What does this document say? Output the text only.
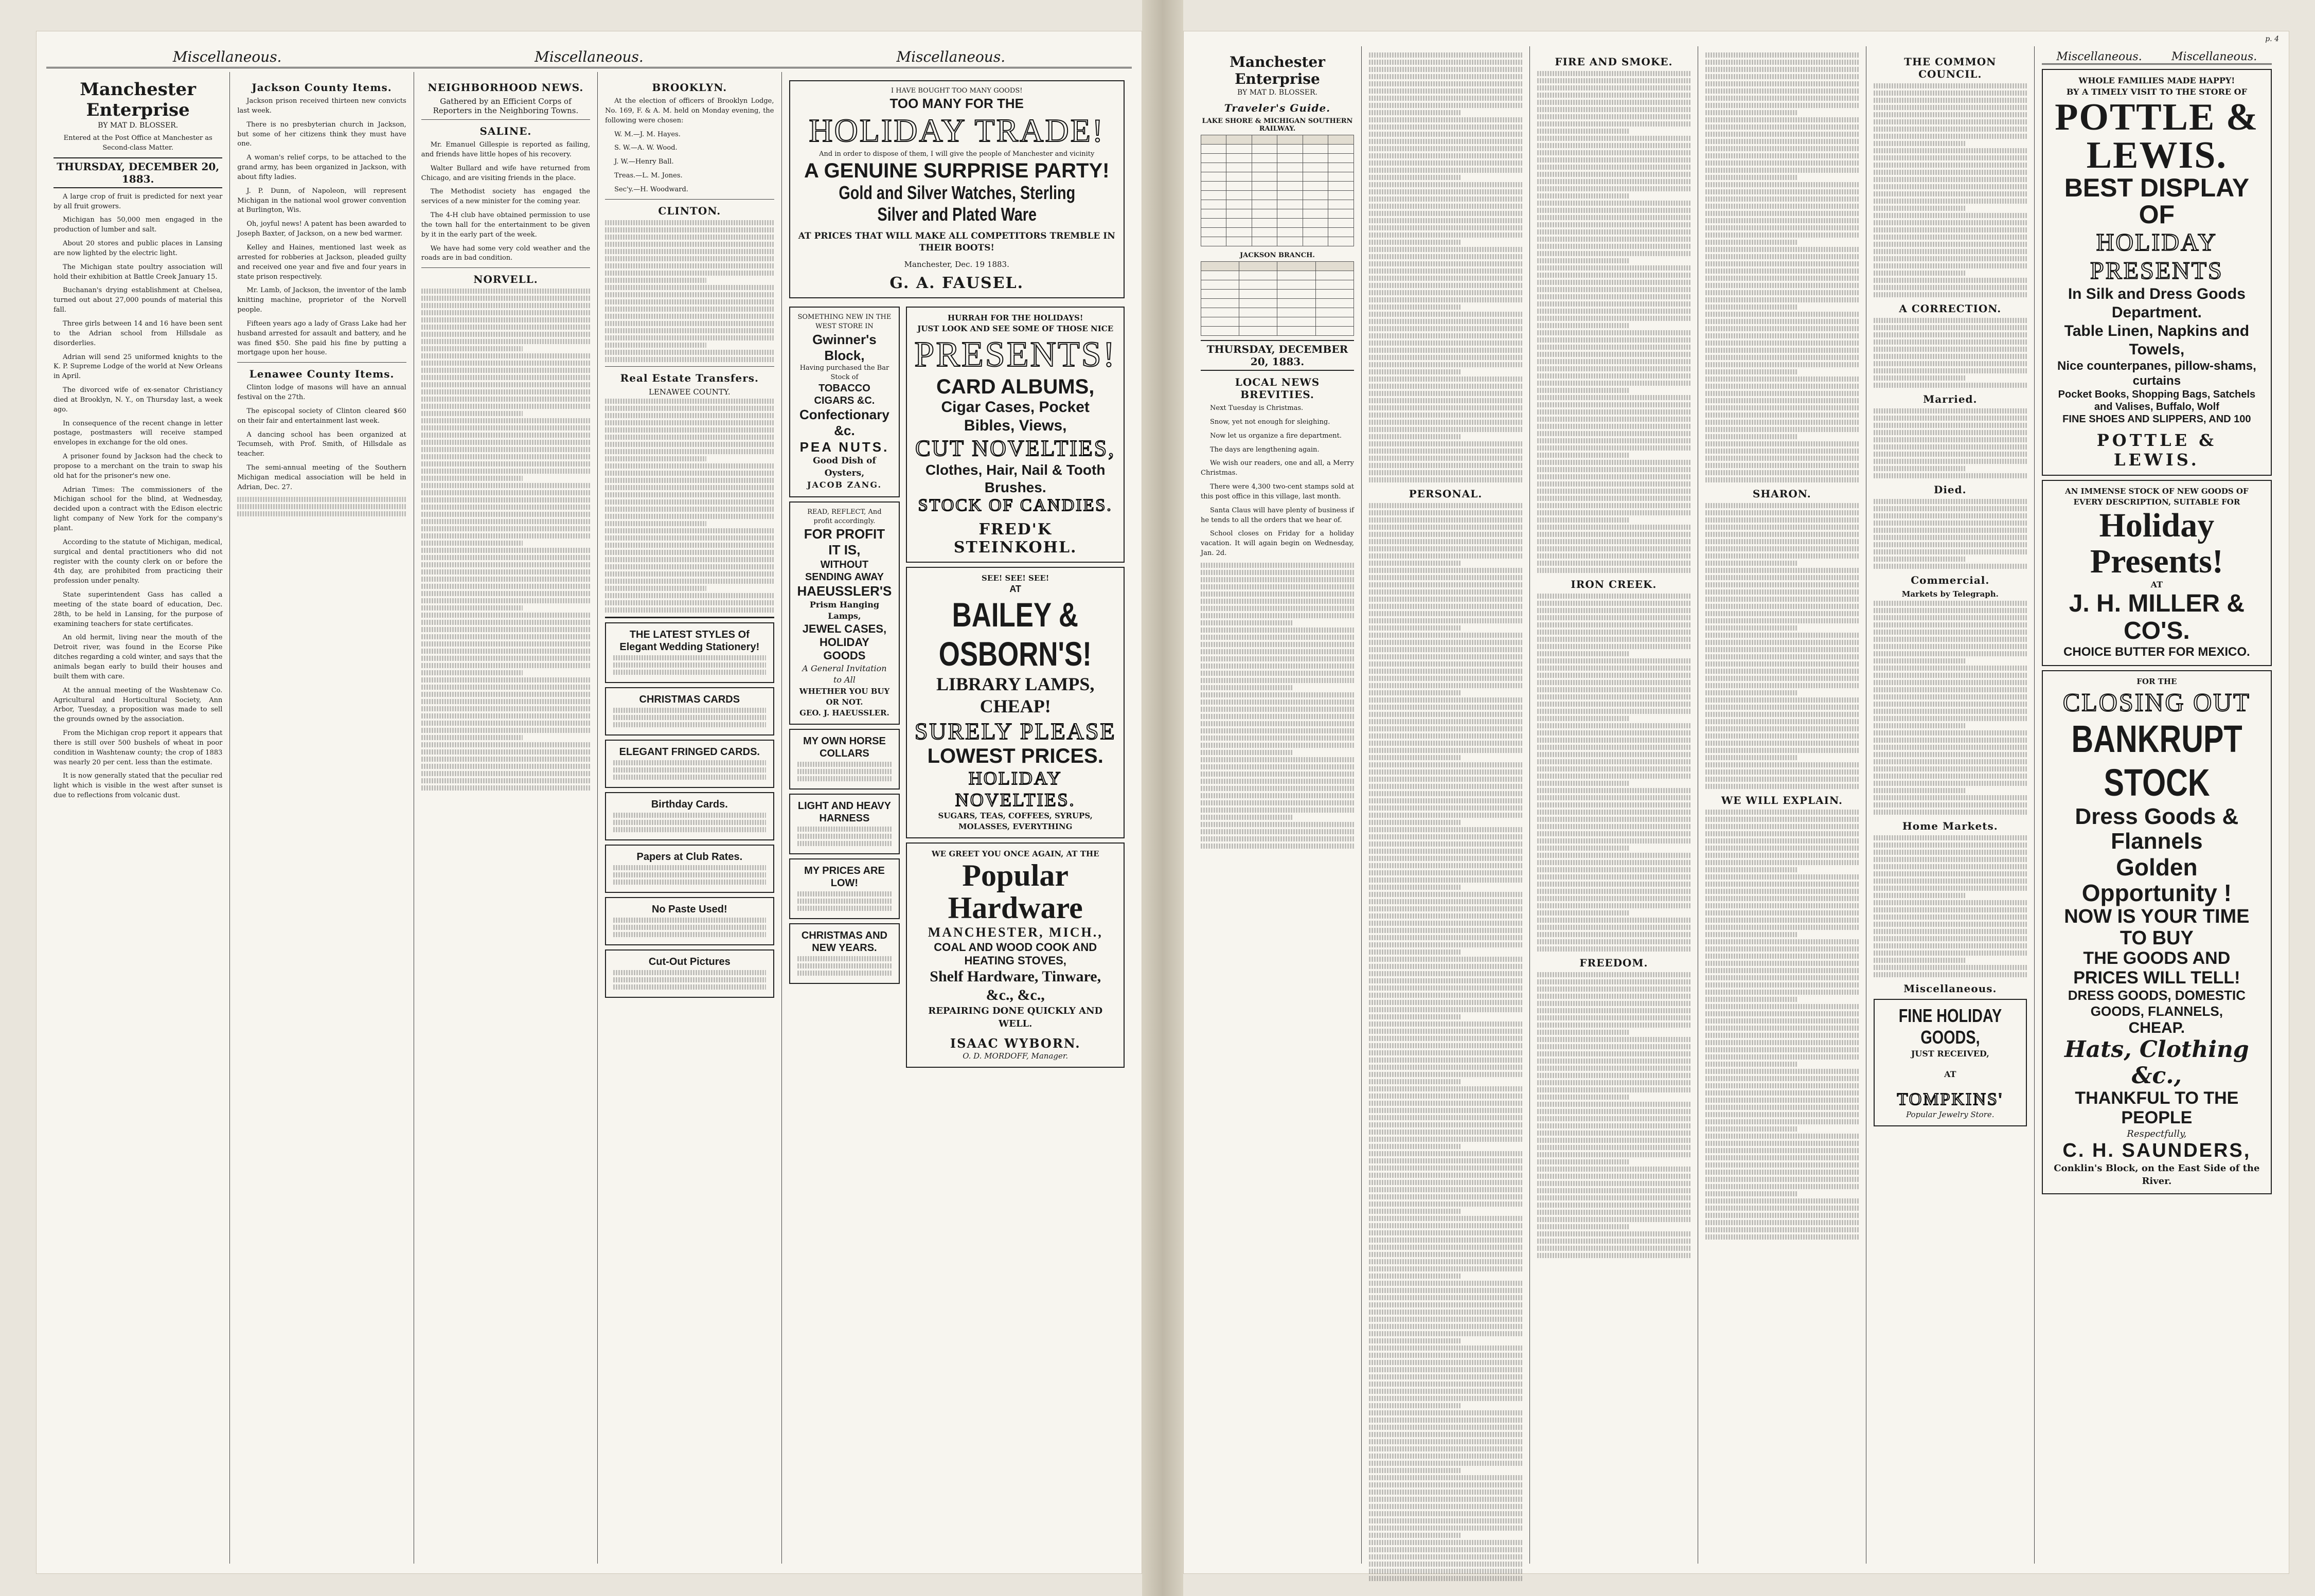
Miscellaneous.	Miscellaneous.	Miscellaneous.
Manchester Enterprise
BY MAT D. BLOSSER.

Entered at the Post Office at Manchester as Second-class Matter.

THURSDAY, DECEMBER 20, 1883.

A large crop of fruit is predicted for next year by all fruit growers.

Michigan has 50,000 men engaged in the production of lumber and salt.

About 20 stores and public places in Lansing are now lighted by the electric light.

The Michigan state poultry association will hold their exhibition at Battle Creek January 15.

Buchanan's drying establishment at Chelsea, turned out about 27,000 pounds of material this fall.

Three girls between 14 and 16 have been sent to the Adrian school from Hillsdale as disorderlies.

Adrian will send 25 uniformed knights to the K. P. Supreme Lodge of the world at New Orleans in April.

The divorced wife of ex-senator Christiancy died at Brooklyn, N. Y., on Thursday last, a week ago.

In consequence of the recent change in letter postage, postmasters will receive stamped envelopes in exchange for the old ones.

A prisoner found by Jackson had the check to propose to a merchant on the train to swap his old hat for the prisoner's new one.

Adrian Times: The commissioners of the Michigan school for the blind, at Wednesday, decided upon a contract with the Edison electric light company of New York for the company's plant.

According to the statute of Michigan, medical, surgical and dental practitioners who did not register with the county clerk on or before the 4th day, are prohibited from practicing their profession under penalty.

State superintendent Gass has called a meeting of the state board of education, Dec. 28th, to be held in Lansing, for the purpose of examining teachers for state certificates.

An old hermit, living near the mouth of the Detroit river, was found in the Ecorse Pike ditches regarding a cold winter, and says that the animals began early to build their houses and built them with care.

At the annual meeting of the Washtenaw Co. Agricultural and Horticultural Society, Ann Arbor, Tuesday, a proposition was made to sell the grounds owned by the association.

From the Michigan crop report it appears that there is still over 500 bushels of wheat in poor condition in Washtenaw county; the crop of 1883 was nearly 20 per cent. less than the estimate.

It is now generally stated that the peculiar red light which is visible in the west after sunset is due to reflections from volcanic dust.

Jackson County Items.

Jackson prison received thirteen new convicts last week.

There is no presbyterian church in Jackson, but some of her citizens think they must have one.

A woman's relief corps, to be attached to the grand army, has been organized in Jackson, with about fifty ladies.

J. P. Dunn, of Napoleon, will represent Michigan in the national wool grower convention at Burlington, Wis.

Oh, joyful news! A patent has been awarded to Joseph Baxter, of Jackson, on a new bed warmer.

Kelley and Haines, mentioned last week as arrested for robberies at Jackson, pleaded guilty and received one year and five and four years in state prison respectively.

Mr. Lamb, of Jackson, the inventor of the lamb knitting machine, proprietor of the Norvell people.

Fifteen years ago a lady of Grass Lake had her husband arrested for assault and battery, and he was fined $50. She paid his fine by putting a mortgage upon her house.

Lenawee County Items.

Clinton lodge of masons will have an annual festival on the 27th.

The episcopal society of Clinton cleared $60 on their fair and entertainment last week.

A dancing school has been organized at Tecumseh, with Prof. Smith, of Hillsdale as teacher.

The semi-annual meeting of the Southern Michigan medical association will be held in Adrian, Dec. 27.

NEIGHBORHOOD NEWS.
Gathered by an Efficient Corps of Reporters in the Neighboring Towns.
SALINE.

Mr. Emanuel Gillespie is reported as failing, and friends have little hopes of his recovery.

Walter Bullard and wife have returned from Chicago, and are visiting friends in the place.

The Methodist society has engaged the services of a new minister for the coming year.

The 4-H club have obtained permission to use the town hall for the entertainment to be given by it in the early part of the week.

We have had some very cold weather and the roads are in bad condition.

NORVELL.
BROOKLYN.

At the election of officers of Brooklyn Lodge, No. 169, F. & A. M. held on Monday evening, the following were chosen:

W. M.—J. M. Hayes.

S. W.—A. W. Wood.

J. W.—Henry Ball.

Treas.—L. M. Jones.

Sec'y.—H. Woodward.

CLINTON.
Real Estate Transfers.
LENAWEE COUNTY.
THE LATEST STYLES Of Elegant Wedding Stationery!
CHRISTMAS CARDS
ELEGANT FRINGED CARDS.
Birthday Cards.
Papers at Club Rates.
No Paste Used!
Cut-Out Pictures
I HAVE BOUGHT TOO MANY GOODS!
TOO MANY FOR THE
HOLIDAY TRADE!
And in order to dispose of them, I will give the people of Manchester and vicinity
A GENUINE SURPRISE PARTY!
Gold and Silver Watches, Sterling Silver and Plated Ware
AT PRICES THAT WILL MAKE ALL COMPETITORS TREMBLE IN THEIR BOOTS!
Manchester, Dec. 19 1883.
G. A. FAUSEL.
SOMETHING NEW IN THE WEST STORE IN
Gwinner's Block,
Having purchased the Bar Stock of
TOBACCO CIGARS &C.
Confectionary &c.
PEA NUTS.
Good Dish of Oysters,
JACOB ZANG.
READ, REFLECT, And profit accordingly.
FOR PROFIT IT IS,
WITHOUT SENDING AWAY
HAEUSSLER'S
Prism Hanging Lamps,
JEWEL CASES,
HOLIDAY GOODS
A General Invitation to All
WHETHER YOU BUY OR NOT.
GEO. J. HAEUSSLER.
MY OWN HORSE COLLARS
LIGHT AND HEAVY HARNESS
MY PRICES ARE LOW!
CHRISTMAS AND NEW YEARS.
HURRAH FOR THE HOLIDAYS!
JUST LOOK AND SEE SOME OF THOSE NICE
PRESENTS!
CARD ALBUMS,
Cigar Cases, Pocket Bibles, Views,
CUT NOVELTIES,
Clothes, Hair, Nail & Tooth Brushes.
STOCK OF CANDIES.
FRED'K STEINKOHL.
SEE! SEE! SEE!
AT
BAILEY & OSBORN'S!
LIBRARY LAMPS, CHEAP!
SURELY PLEASE
LOWEST PRICES.
HOLIDAY NOVELTIES.
SUGARS, TEAS, COFFEES, SYRUPS, MOLASSES, EVERYTHING
WE GREET YOU ONCE AGAIN, AT THE
Popular Hardware
MANCHESTER, MICH.,
COAL AND WOOD COOK AND HEATING STOVES,
Shelf Hardware, Tinware, &c., &c.,
REPAIRING DONE QUICKLY AND WELL.
ISAAC WYBORN.
O. D. MORDOFF, Manager.
p. 4
Manchester Enterprise
BY MAT D. BLOSSER.
Traveler's Guide.
LAKE SHORE & MICHIGAN SOUTHERN RAILWAY.

JACKSON BRANCH.

THURSDAY, DECEMBER 20, 1883.
LOCAL NEWS BREVITIES.

Next Tuesday is Christmas.

Snow, yet not enough for sleighing.

Now let us organize a fire department.

The days are lengthening again.

We wish our readers, one and all, a Merry Christmas.

There were 4,300 two-cent stamps sold at this post office in this village, last month.

Santa Claus will have plenty of business if he tends to all the orders that we hear of.

School closes on Friday for a holiday vacation. It will again begin on Wednesday, Jan. 2d.

PERSONAL.
FIRE AND SMOKE.
IRON CREEK.
FREEDOM.
SHARON.
WE WILL EXPLAIN.
THE COMMON COUNCIL.
A CORRECTION.
Married.
Died.
Commercial.
Markets by Telegraph.
Home Markets.
Miscellaneous.
FINE HOLIDAY GOODS,
JUST RECEIVED,
AT
TOMPKINS'
Popular Jewelry Store.
Miscellaneous.	Miscellaneous.
WHOLE FAMILIES MADE HAPPY!
BY A TIMELY VISIT TO THE STORE OF
POTTLE & LEWIS.
BEST DISPLAY OF
HOLIDAY PRESENTS
In Silk and Dress Goods Department.
Table Linen, Napkins and Towels,
Nice counterpanes, pillow-shams, curtains
Pocket Books, Shopping Bags, Satchels and Valises, Buffalo, Wolf
FINE SHOES AND SLIPPERS, AND 100
POTTLE & LEWIS.
AN IMMENSE STOCK OF NEW GOODS OF EVERY DESCRIPTION, SUITABLE FOR
Holiday Presents!
AT
J. H. MILLER & CO'S.
CHOICE BUTTER FOR MEXICO.
FOR THE
CLOSING OUT
BANKRUPT STOCK
Dress Goods & Flannels
Golden Opportunity !
NOW IS YOUR TIME TO BUY
THE GOODS AND PRICES WILL TELL!
DRESS GOODS, DOMESTIC GOODS, FLANNELS,
CHEAP.
Hats, Clothing &c.,
THANKFUL TO THE PEOPLE
Respectfully,
C. H. SAUNDERS,
Conklin's Block, on the East Side of the River.
